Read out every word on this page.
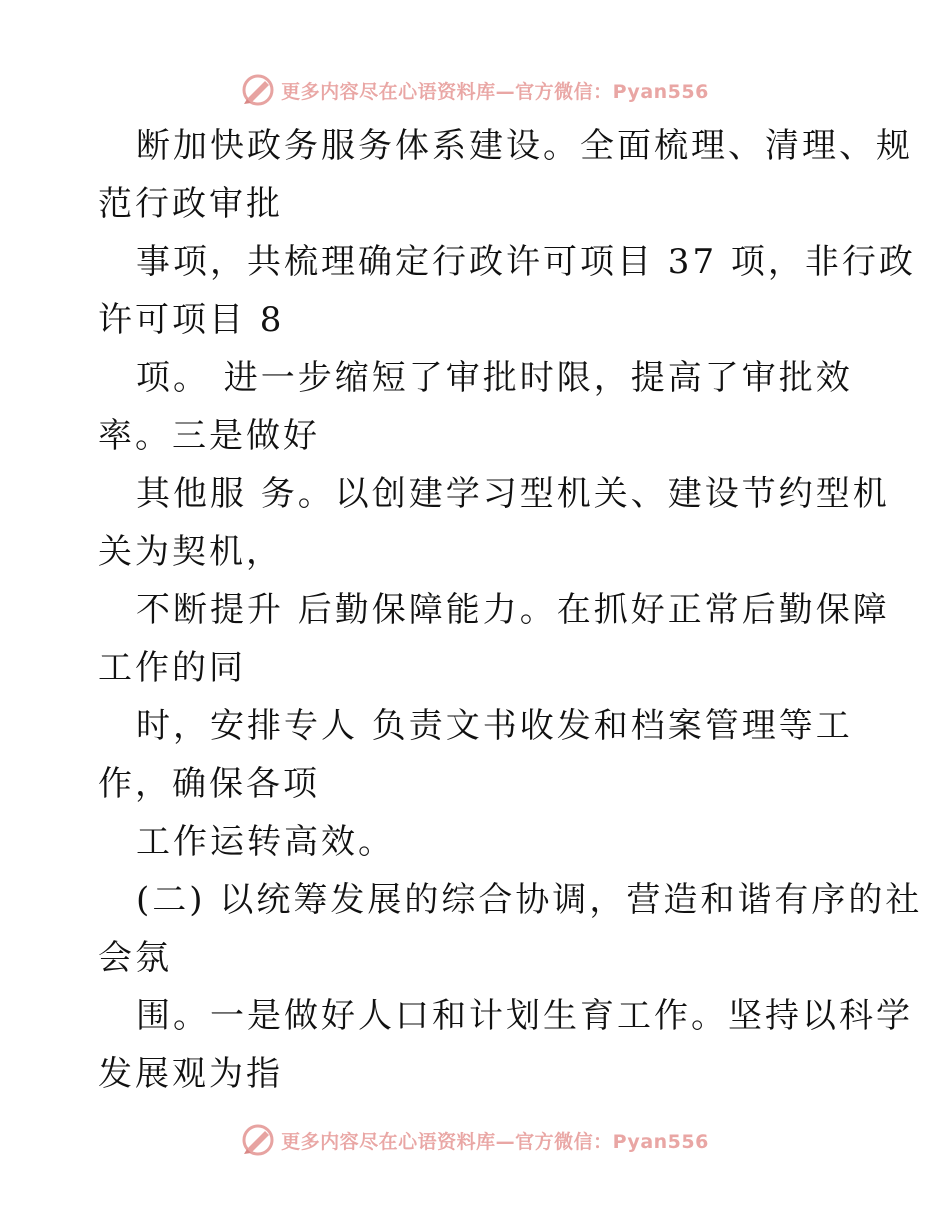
更多内容尽在心语资料库—官方微信：Pyan556
断加快政务服务体系建设。全面梳理、清理、规
范行政审批
事项，共梳理确定行政许可项目 37 项，非行政
许可项目 8
项。 进一步缩短了审批时限，提高了审批效
率。三是做好
其他服 务。以创建学习型机关、建设节约型机
关为契机，
不断提升 后勤保障能力。在抓好正常后勤保障
工作的同
时，安排专人 负责文书收发和档案管理等工
作，确保各项
工作运转高效。
(二) 以统筹发展的综合协调，营造和谐有序的社
会氛
围。一是做好人口和计划生育工作。坚持以科学
发展观为指
更多内容尽在心语资料库—官方微信：Pyan556
